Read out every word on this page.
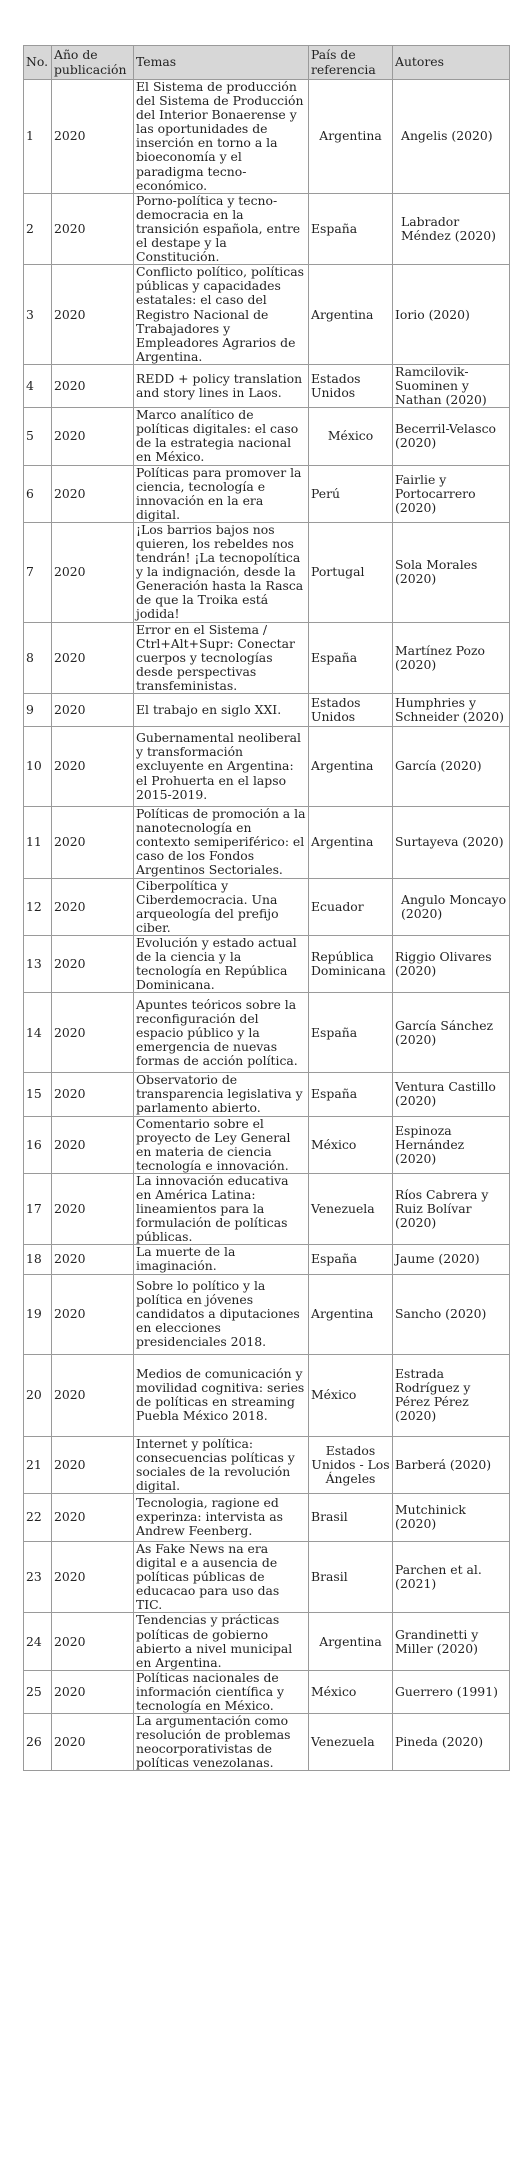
No.	Año de publicación	Temas	País de referencia	Autores
1	2020	El Sistema de producción del Sistema de Producción del Interior Bonaerense y las oportunidades de inserción en torno a la bioeconomía y el paradigma tecno-económico.	Argentina	Angelis (2020)
2	2020	Porno-política y tecno-democracia en la transición española, entre el destape y la Constitución.	España	Labrador Méndez (2020)
3	2020	Conflicto político, políticas públicas y capacidades estatales: el caso del Registro Nacional de Trabajadores y Empleadores Agrarios de Argentina.	Argentina	Iorio (2020)
4	2020	REDD + policy translation and story lines in Laos.	Estados Unidos	Ramcilovik-Suominen y Nathan (2020)
5	2020	Marco analítico de políticas digitales: el caso de la estrategia nacional en México.	México	Becerril-Velasco (2020)
6	2020	Políticas para promover la ciencia, tecnología e innovación en la era digital.	Perú	Fairlie y Portocarrero (2020)
7	2020	¡Los barrios bajos nos quieren, los rebeldes nos tendrán! ¡La tecnopolítica y la indignación, desde la Generación hasta la Rasca de que la Troika está jodida!	Portugal	Sola Morales (2020)
8	2020	Error en el Sistema / Ctrl+Alt+Supr: Conectar cuerpos y tecnologías desde perspectivas transfeministas.	España	Martínez Pozo (2020)
9	2020	El trabajo en siglo XXI.	Estados Unidos	Humphries y Schneider (2020)
10	2020	Gubernamental neoliberal y transformación excluyente en Argentina: el Prohuerta en el lapso 2015-2019.	Argentina	García (2020)
11	2020	Políticas de promoción a la nanotecnología en contexto semiperiférico: el caso de los Fondos Argentinos Sectoriales.	Argentina	Surtayeva (2020)
12	2020	Ciberpolítica y Ciberdemocracia. Una arqueología del prefijo ciber.	Ecuador	Angulo Moncayo (2020)
13	2020	Evolución y estado actual de la ciencia y la tecnología en República Dominicana.	República Dominicana	Riggio Olivares (2020)
14	2020	Apuntes teóricos sobre la reconfiguración del espacio público y la emergencia de nuevas formas de acción política.	España	García Sánchez (2020)
15	2020	Observatorio de transparencia legislativa y parlamento abierto.	España	Ventura Castillo (2020)
16	2020	Comentario sobre el proyecto de Ley General en materia de ciencia tecnología e innovación.	México	Espinoza Hernández (2020)
17	2020	La innovación educativa en América Latina: lineamientos para la formulación de políticas públicas.	Venezuela	Ríos Cabrera y Ruiz Bolívar (2020)
18	2020	La muerte de la imaginación.	España	Jaume (2020)
19	2020	Sobre lo político y la política en jóvenes candidatos a diputaciones en elecciones presidenciales 2018.	Argentina	Sancho (2020)
20	2020	Medios de comunicación y movilidad cognitiva: series de políticas en streaming Puebla México 2018.	México	Estrada Rodríguez y Pérez Pérez (2020)
21	2020	Internet y política: consecuencias políticas y sociales de la revolución digital.	Estados Unidos - Los Ángeles	Barberá (2020)
22	2020	Tecnologia, ragione ed experinza: intervista as Andrew Feenberg.	Brasil	Mutchinick (2020)
23	2020	As Fake News na era digital e a ausencia de políticas públicas de educacao para uso das TIC.	Brasil	Parchen et al. (2021)
24	2020	Tendencias y prácticas políticas de gobierno abierto a nivel municipal en Argentina.	Argentina	Grandinetti y Miller (2020)
25	2020	Políticas nacionales de información científica y tecnología en México.	México	Guerrero (1991)
26	2020	La argumentación como resolución de problemas neocorporativistas de políticas venezolanas.	Venezuela	Pineda (2020)
